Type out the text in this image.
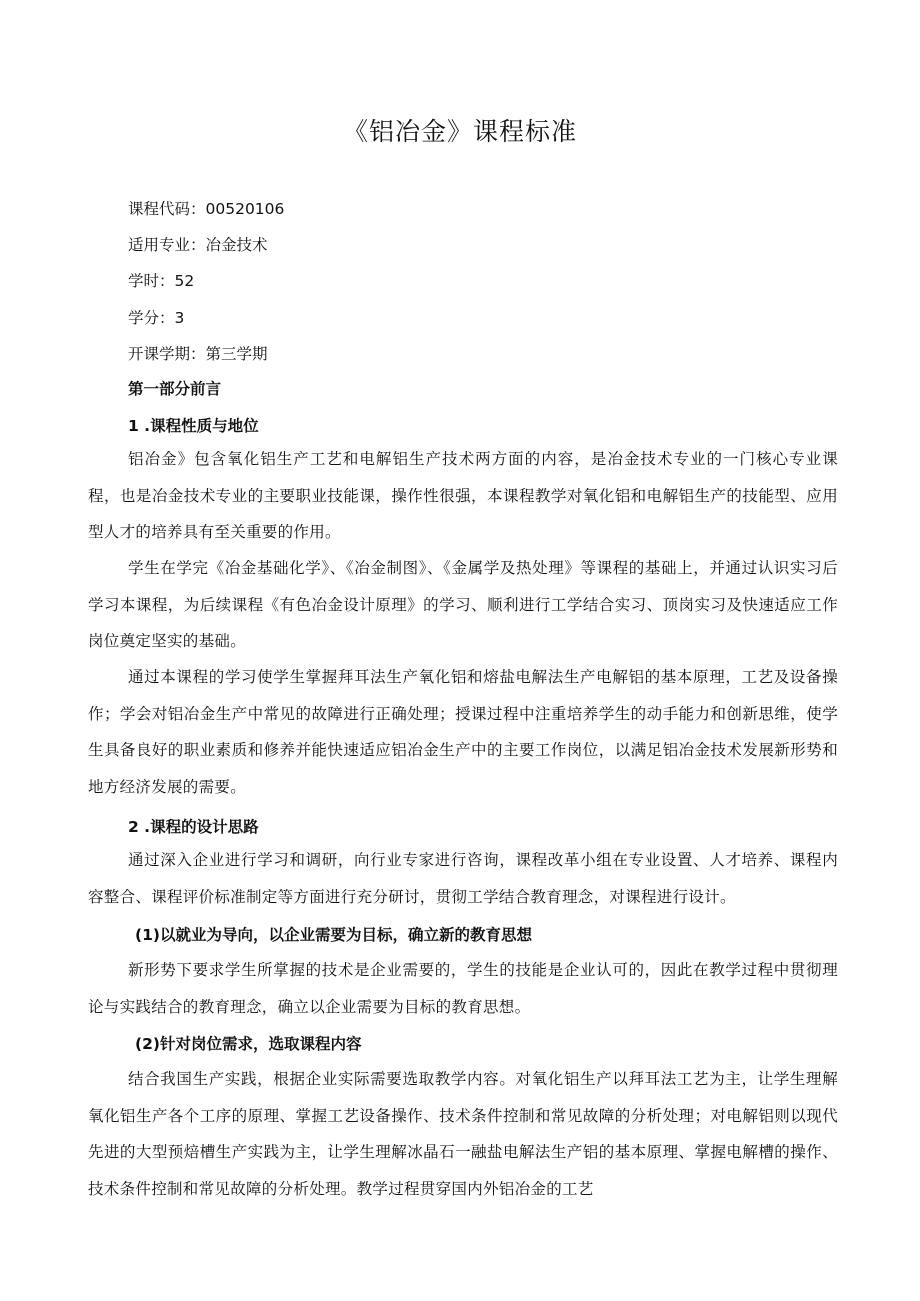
《铝冶金》课程标准
课程代码：00520106
适用专业：冶金技术
学时：52
学分：3
开课学期：第三学期
第一部分前言
1 .课程性质与地位
铝冶金》包含氧化铝生产工艺和电解铝生产技术两方面的内容，是冶金技术专业的一门核心专业课程，也是冶金技术专业的主要职业技能课，操作性很强，本课程教学对氧化铝和电解铝生产的技能型、应用型人才的培养具有至关重要的作用。
学生在学完《冶金基础化学》、《冶金制图》、《金属学及热处理》等课程的基础上，并通过认识实习后学习本课程，为后续课程《有色冶金设计原理》的学习、顺利进行工学结合实习、顶岗实习及快速适应工作岗位奠定坚实的基础。
通过本课程的学习使学生掌握拜耳法生产氧化铝和熔盐电解法生产电解铝的基本原理，工艺及设备操作；学会对铝冶金生产中常见的故障进行正确处理；授课过程中注重培养学生的动手能力和创新思维，使学生具备良好的职业素质和修养并能快速适应铝冶金生产中的主要工作岗位，以满足铝冶金技术发展新形势和地方经济发展的需要。
2 .课程的设计思路
通过深入企业进行学习和调研，向行业专家进行咨询，课程改革小组在专业设置、人才培养、课程内容整合、课程评价标准制定等方面进行充分研讨，贯彻工学结合教育理念，对课程进行设计。
(1)以就业为导向，以企业需要为目标，确立新的教育思想
新形势下要求学生所掌握的技术是企业需要的，学生的技能是企业认可的，因此在教学过程中贯彻理论与实践结合的教育理念，确立以企业需要为目标的教育思想。
(2)针对岗位需求，选取课程内容
结合我国生产实践，根据企业实际需要选取教学内容。对氧化铝生产以拜耳法工艺为主，让学生理解氧化铝生产各个工序的原理、掌握工艺设备操作、技术条件控制和常见故障的分析处理；对电解铝则以现代先进的大型预焙槽生产实践为主，让学生理解冰晶石一融盐电解法生产铝的基本原理、掌握电解槽的操作、技术条件控制和常见故障的分析处理。教学过程贯穿国内外铝冶金的工艺
